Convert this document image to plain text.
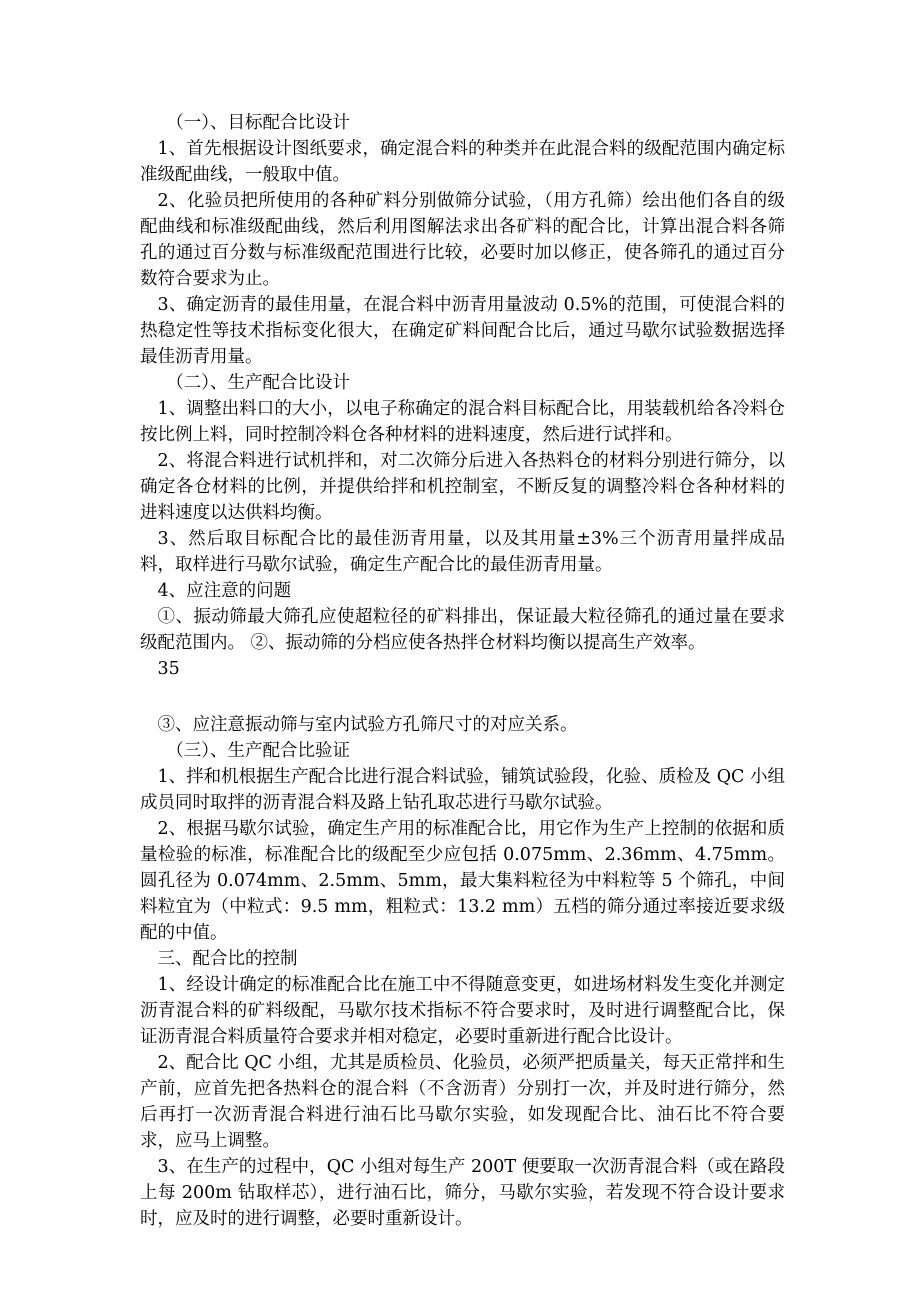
（一）、目标配合比设计

1、首先根据设计图纸要求，确定混合料的种类并在此混合料的级配范围内确定标准级配曲线，一般取中值。

2、化验员把所使用的各种矿料分别做筛分试验，（用方孔筛）绘出他们各自的级配曲线和标准级配曲线，然后利用图解法求出各矿料的配合比，计算出混合料各筛孔的通过百分数与标准级配范围进行比较，必要时加以修正，使各筛孔的通过百分数符合要求为止。

3、确定沥青的最佳用量，在混合料中沥青用量波动 0.5%的范围，可使混合料的热稳定性等技术指标变化很大，在确定矿料间配合比后，通过马歇尔试验数据选择最佳沥青用量。

（二）、生产配合比设计

1、调整出料口的大小，以电子称确定的混合料目标配合比，用装载机给各冷料仓按比例上料，同时控制冷料仓各种材料的进料速度，然后进行试拌和。

2、将混合料进行试机拌和，对二次筛分后进入各热料仓的材料分别进行筛分，以确定各仓材料的比例，并提供给拌和机控制室，不断反复的调整冷料仓各种材料的进料速度以达供料均衡。

3、然后取目标配合比的最佳沥青用量，以及其用量±3%三个沥青用量拌成品料，取样进行马歇尔试验，确定生产配合比的最佳沥青用量。

4、应注意的问题

①、振动筛最大筛孔应使超粒径的矿料排出，保证最大粒径筛孔的通过量在要求级配范围内。 ②、振动筛的分档应使各热拌仓材料均衡以提高生产效率。

35

③、应注意振动筛与室内试验方孔筛尺寸的对应关系。

（三）、生产配合比验证

1、拌和机根据生产配合比进行混合料试验，铺筑试验段，化验、质检及 QC 小组成员同时取拌的沥青混合料及路上钻孔取芯进行马歇尔试验。

2、根据马歇尔试验，确定生产用的标准配合比，用它作为生产上控制的依据和质量检验的标准，标准配合比的级配至少应包括 0.075mm、2.36mm、4.75mm。圆孔径为 0.074mm、2.5mm、5mm，最大集料粒径为中料粒等 5 个筛孔，中间料粒宜为（中粒式：9.5 mm，粗粒式：13.2 mm）五档的筛分通过率接近要求级配的中值。

三、配合比的控制

1、经设计确定的标准配合比在施工中不得随意变更，如进场材料发生变化并测定沥青混合料的矿料级配，马歇尔技术指标不符合要求时，及时进行调整配合比，保证沥青混合料质量符合要求并相对稳定，必要时重新进行配合比设计。

2、配合比 QC 小组，尤其是质检员、化验员，必须严把质量关，每天正常拌和生产前，应首先把各热料仓的混合料（不含沥青）分别打一次，并及时进行筛分，然后再打一次沥青混合料进行油石比马歇尔实验，如发现配合比、油石比不符合要求，应马上调整。

3、在生产的过程中，QC 小组对每生产 200T 便要取一次沥青混合料（或在路段上每 200m 钻取样芯），进行油石比，筛分，马歇尔实验，若发现不符合设计要求时，应及时的进行调整，必要时重新设计。
